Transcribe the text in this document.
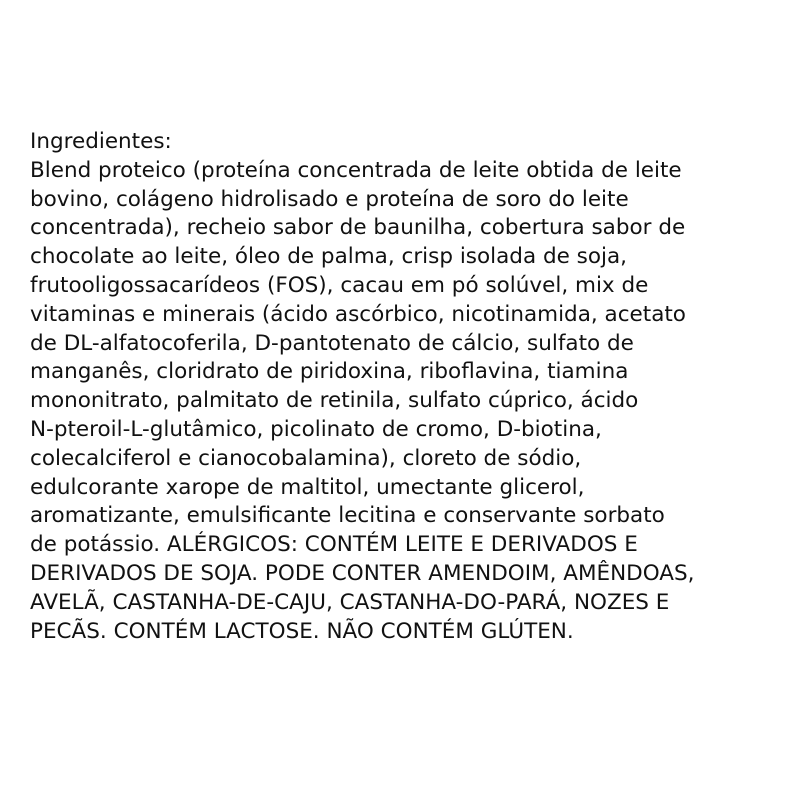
Ingredientes:
Blend proteico (proteína concentrada de leite obtida de leite
bovino, colágeno hidrolisado e proteína de soro do leite
concentrada), recheio sabor de baunilha, cobertura sabor de
chocolate ao leite, óleo de palma, crisp isolada de soja,
frutooligossacarídeos (FOS), cacau em pó solúvel, mix de
vitaminas e minerais (ácido ascórbico, nicotinamida, acetato
de DL-alfatocoferila, D-pantotenato de cálcio, sulfato de
manganês, cloridrato de piridoxina, riboflavina, tiamina
mononitrato, palmitato de retinila, sulfato cúprico, ácido
N-pteroil-L-glutâmico, picolinato de cromo, D-biotina,
colecalciferol e cianocobalamina), cloreto de sódio,
edulcorante xarope de maltitol, umectante glicerol,
aromatizante, emulsificante lecitina e conservante sorbato
de potássio. ALÉRGICOS: CONTÉM LEITE E DERIVADOS E
DERIVADOS DE SOJA. PODE CONTER AMENDOIM, AMÊNDOAS,
AVELÃ, CASTANHA-DE-CAJU, CASTANHA-DO-PARÁ, NOZES E
PECÃS. CONTÉM LACTOSE. NÃO CONTÉM GLÚTEN.
